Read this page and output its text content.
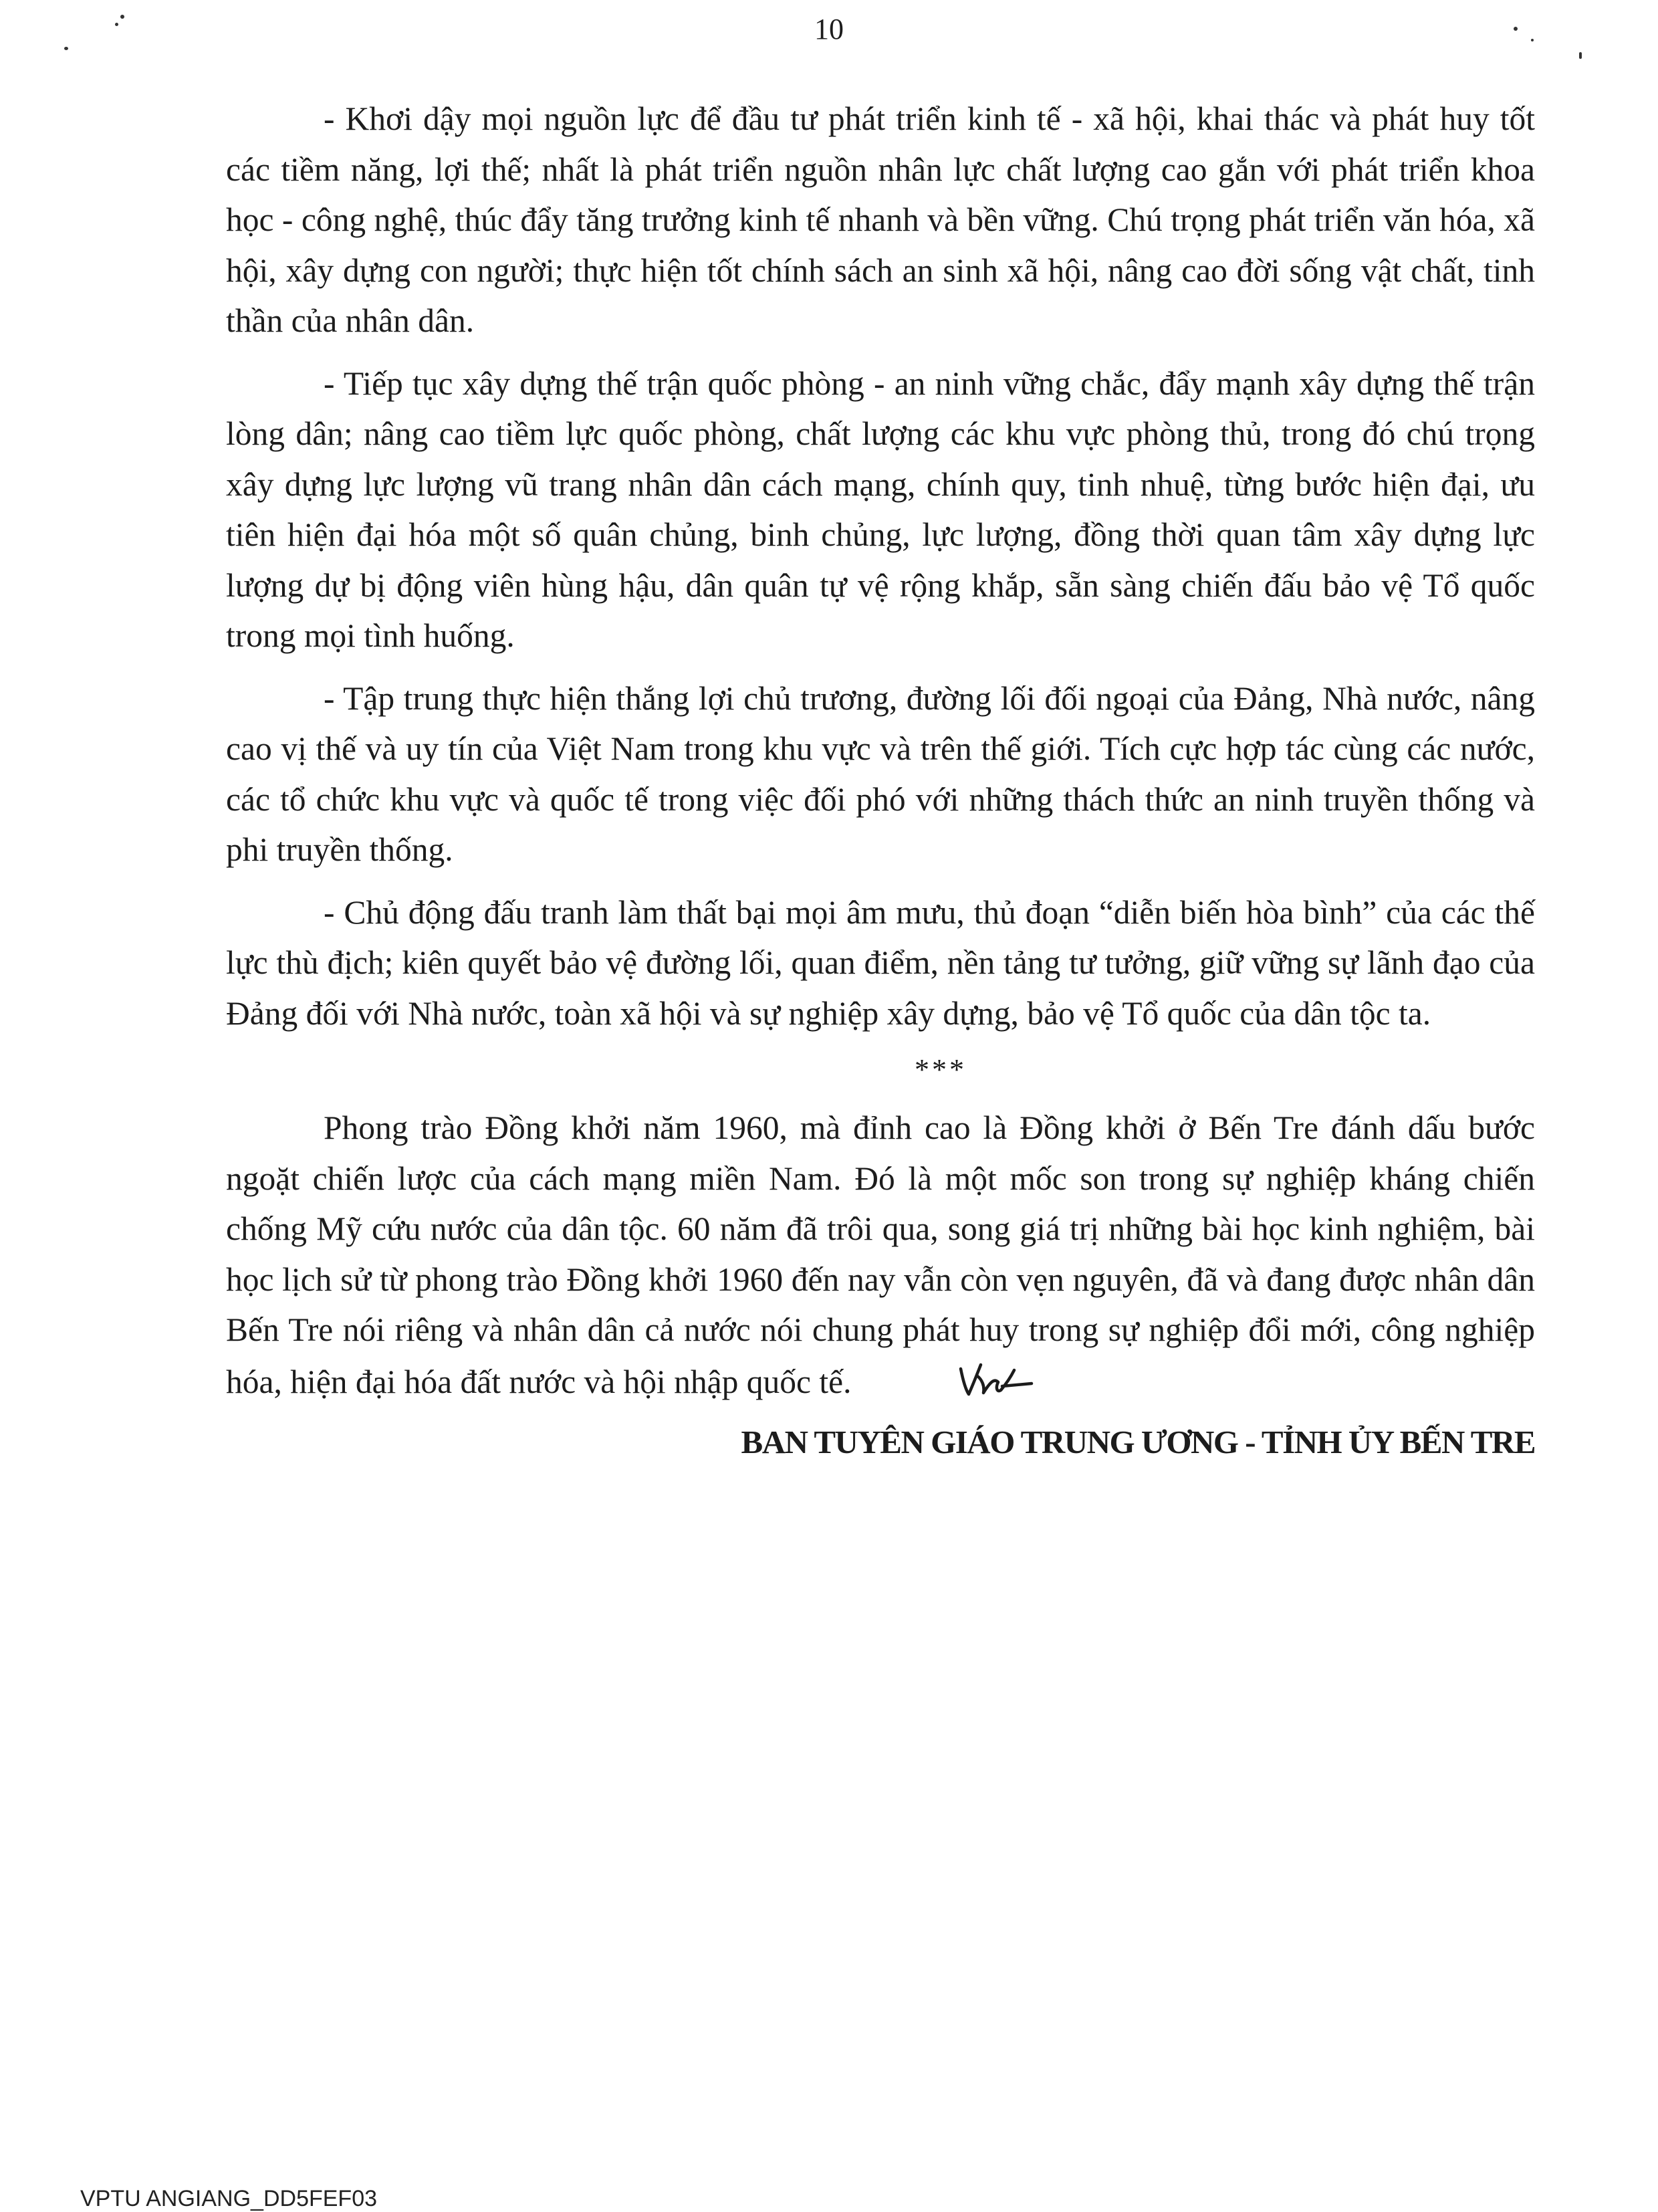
10

- Khơi dậy mọi nguồn lực để đầu tư phát triển kinh tế - xã hội, khai thác và phát huy tốt các tiềm năng, lợi thế; nhất là phát triển nguồn nhân lực chất lượng cao gắn với phát triển khoa học - công nghệ, thúc đẩy tăng trưởng kinh tế nhanh và bền vững. Chú trọng phát triển văn hóa, xã hội, xây dựng con người; thực hiện tốt chính sách an sinh xã hội, nâng cao đời sống vật chất, tinh thần của nhân dân.

- Tiếp tục xây dựng thế trận quốc phòng - an ninh vững chắc, đẩy mạnh xây dựng thế trận lòng dân; nâng cao tiềm lực quốc phòng, chất lượng các khu vực phòng thủ, trong đó chú trọng xây dựng lực lượng vũ trang nhân dân cách mạng, chính quy, tinh nhuệ, từng bước hiện đại, ưu tiên hiện đại hóa một số quân chủng, binh chủng, lực lượng, đồng thời quan tâm xây dựng lực lượng dự bị động viên hùng hậu, dân quân tự vệ rộng khắp, sẵn sàng chiến đấu bảo vệ Tổ quốc trong mọi tình huống.

- Tập trung thực hiện thắng lợi chủ trương, đường lối đối ngoại của Đảng, Nhà nước, nâng cao vị thế và uy tín của Việt Nam trong khu vực và trên thế giới. Tích cực hợp tác cùng các nước, các tổ chức khu vực và quốc tế trong việc đối phó với những thách thức an ninh truyền thống và phi truyền thống.

- Chủ động đấu tranh làm thất bại mọi âm mưu, thủ đoạn “diễn biến hòa bình” của các thế lực thù địch; kiên quyết bảo vệ đường lối, quan điểm, nền tảng tư tưởng, giữ vững sự lãnh đạo của Đảng đối với Nhà nước, toàn xã hội và sự nghiệp xây dựng, bảo vệ Tổ quốc của dân tộc ta.

***

Phong trào Đồng khởi năm 1960, mà đỉnh cao là Đồng khởi ở Bến Tre đánh dấu bước ngoặt chiến lược của cách mạng miền Nam. Đó là một mốc son trong sự nghiệp kháng chiến chống Mỹ cứu nước của dân tộc. 60 năm đã trôi qua, song giá trị những bài học kinh nghiệm, bài học lịch sử từ phong trào Đồng khởi 1960 đến nay vẫn còn vẹn nguyên, đã và đang được nhân dân Bến Tre nói riêng và nhân dân cả nước nói chung phát huy trong sự nghiệp đổi mới, công nghiệp hóa, hiện đại hóa đất nước và hội nhập quốc tế.

BAN TUYÊN GIÁO TRUNG ƯƠNG - TỈNH ỦY BẾN TRE

VPTU ANGIANG_DD5FEF03
